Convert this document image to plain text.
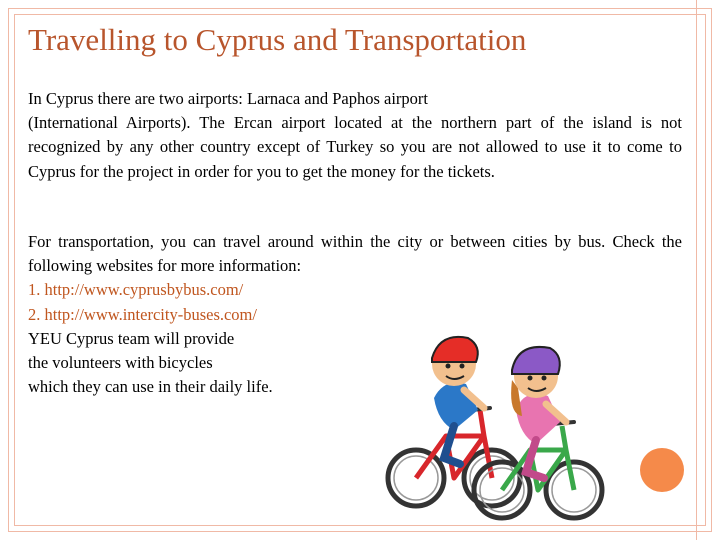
Travelling to Cyprus and Transportation
In Cyprus there are two airports: Larnaca and Paphos airport
(International Airports). The Ercan airport located at the northern part of the island is not recognized by any other country except of Turkey so you are not allowed to use it to come to Cyprus for the project in order for you to get the money for the tickets.
For transportation, you can travel around within the city or between cities by bus. Check the following websites for more information:
1. http://www.cyprusbybus.com/
2. http://www.intercity-buses.com/
YEU Cyprus team will provide
the volunteers with bicycles
which they can use in their daily life.
